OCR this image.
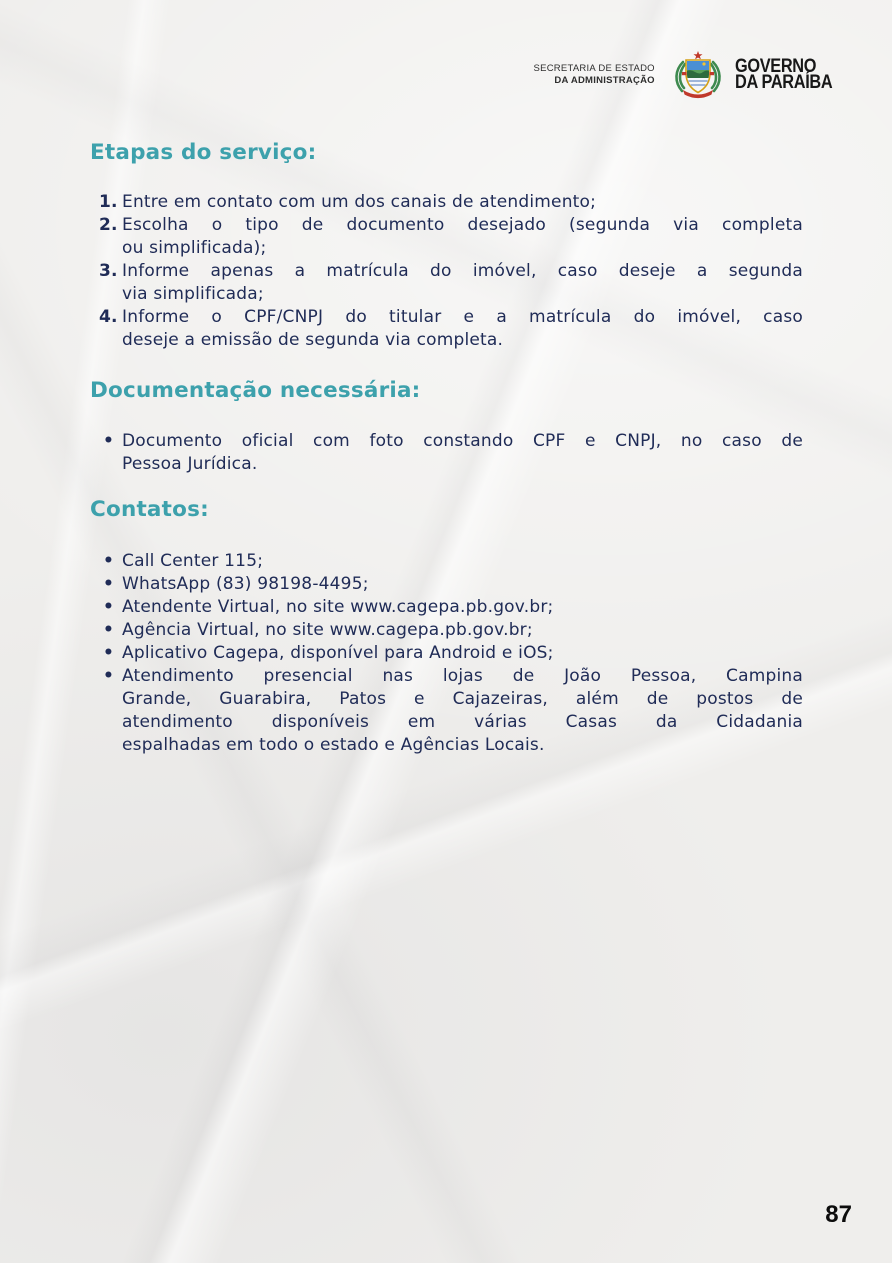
SECRETARIA DE ESTADO
DA ADMINISTRAÇÃO
GOVERNO
DA PARAÍBA
Etapas do serviço:
1. Entre em contato com um dos canais de atendimento;
2. Escolha o tipo de documento desejado (segunda via completa
ou simplificada);
3. Informe apenas a matrícula do imóvel, caso deseje a segunda
via simplificada;
4. Informe o CPF/CNPJ do titular e a matrícula do imóvel, caso
deseje a emissão de segunda via completa.
Documentação necessária:
• Documento oficial com foto constando CPF e CNPJ, no caso de
Pessoa Jurídica.
Contatos:
• Call Center 115;
• WhatsApp (83) 98198-4495;
• Atendente Virtual, no site www.cagepa.pb.gov.br;
• Agência Virtual, no site www.cagepa.pb.gov.br;
• Aplicativo Cagepa, disponível para Android e iOS;
• Atendimento presencial nas lojas de João Pessoa, Campina
Grande, Guarabira, Patos e Cajazeiras, além de postos de
atendimento disponíveis em várias Casas da Cidadania
espalhadas em todo o estado e Agências Locais.
87
